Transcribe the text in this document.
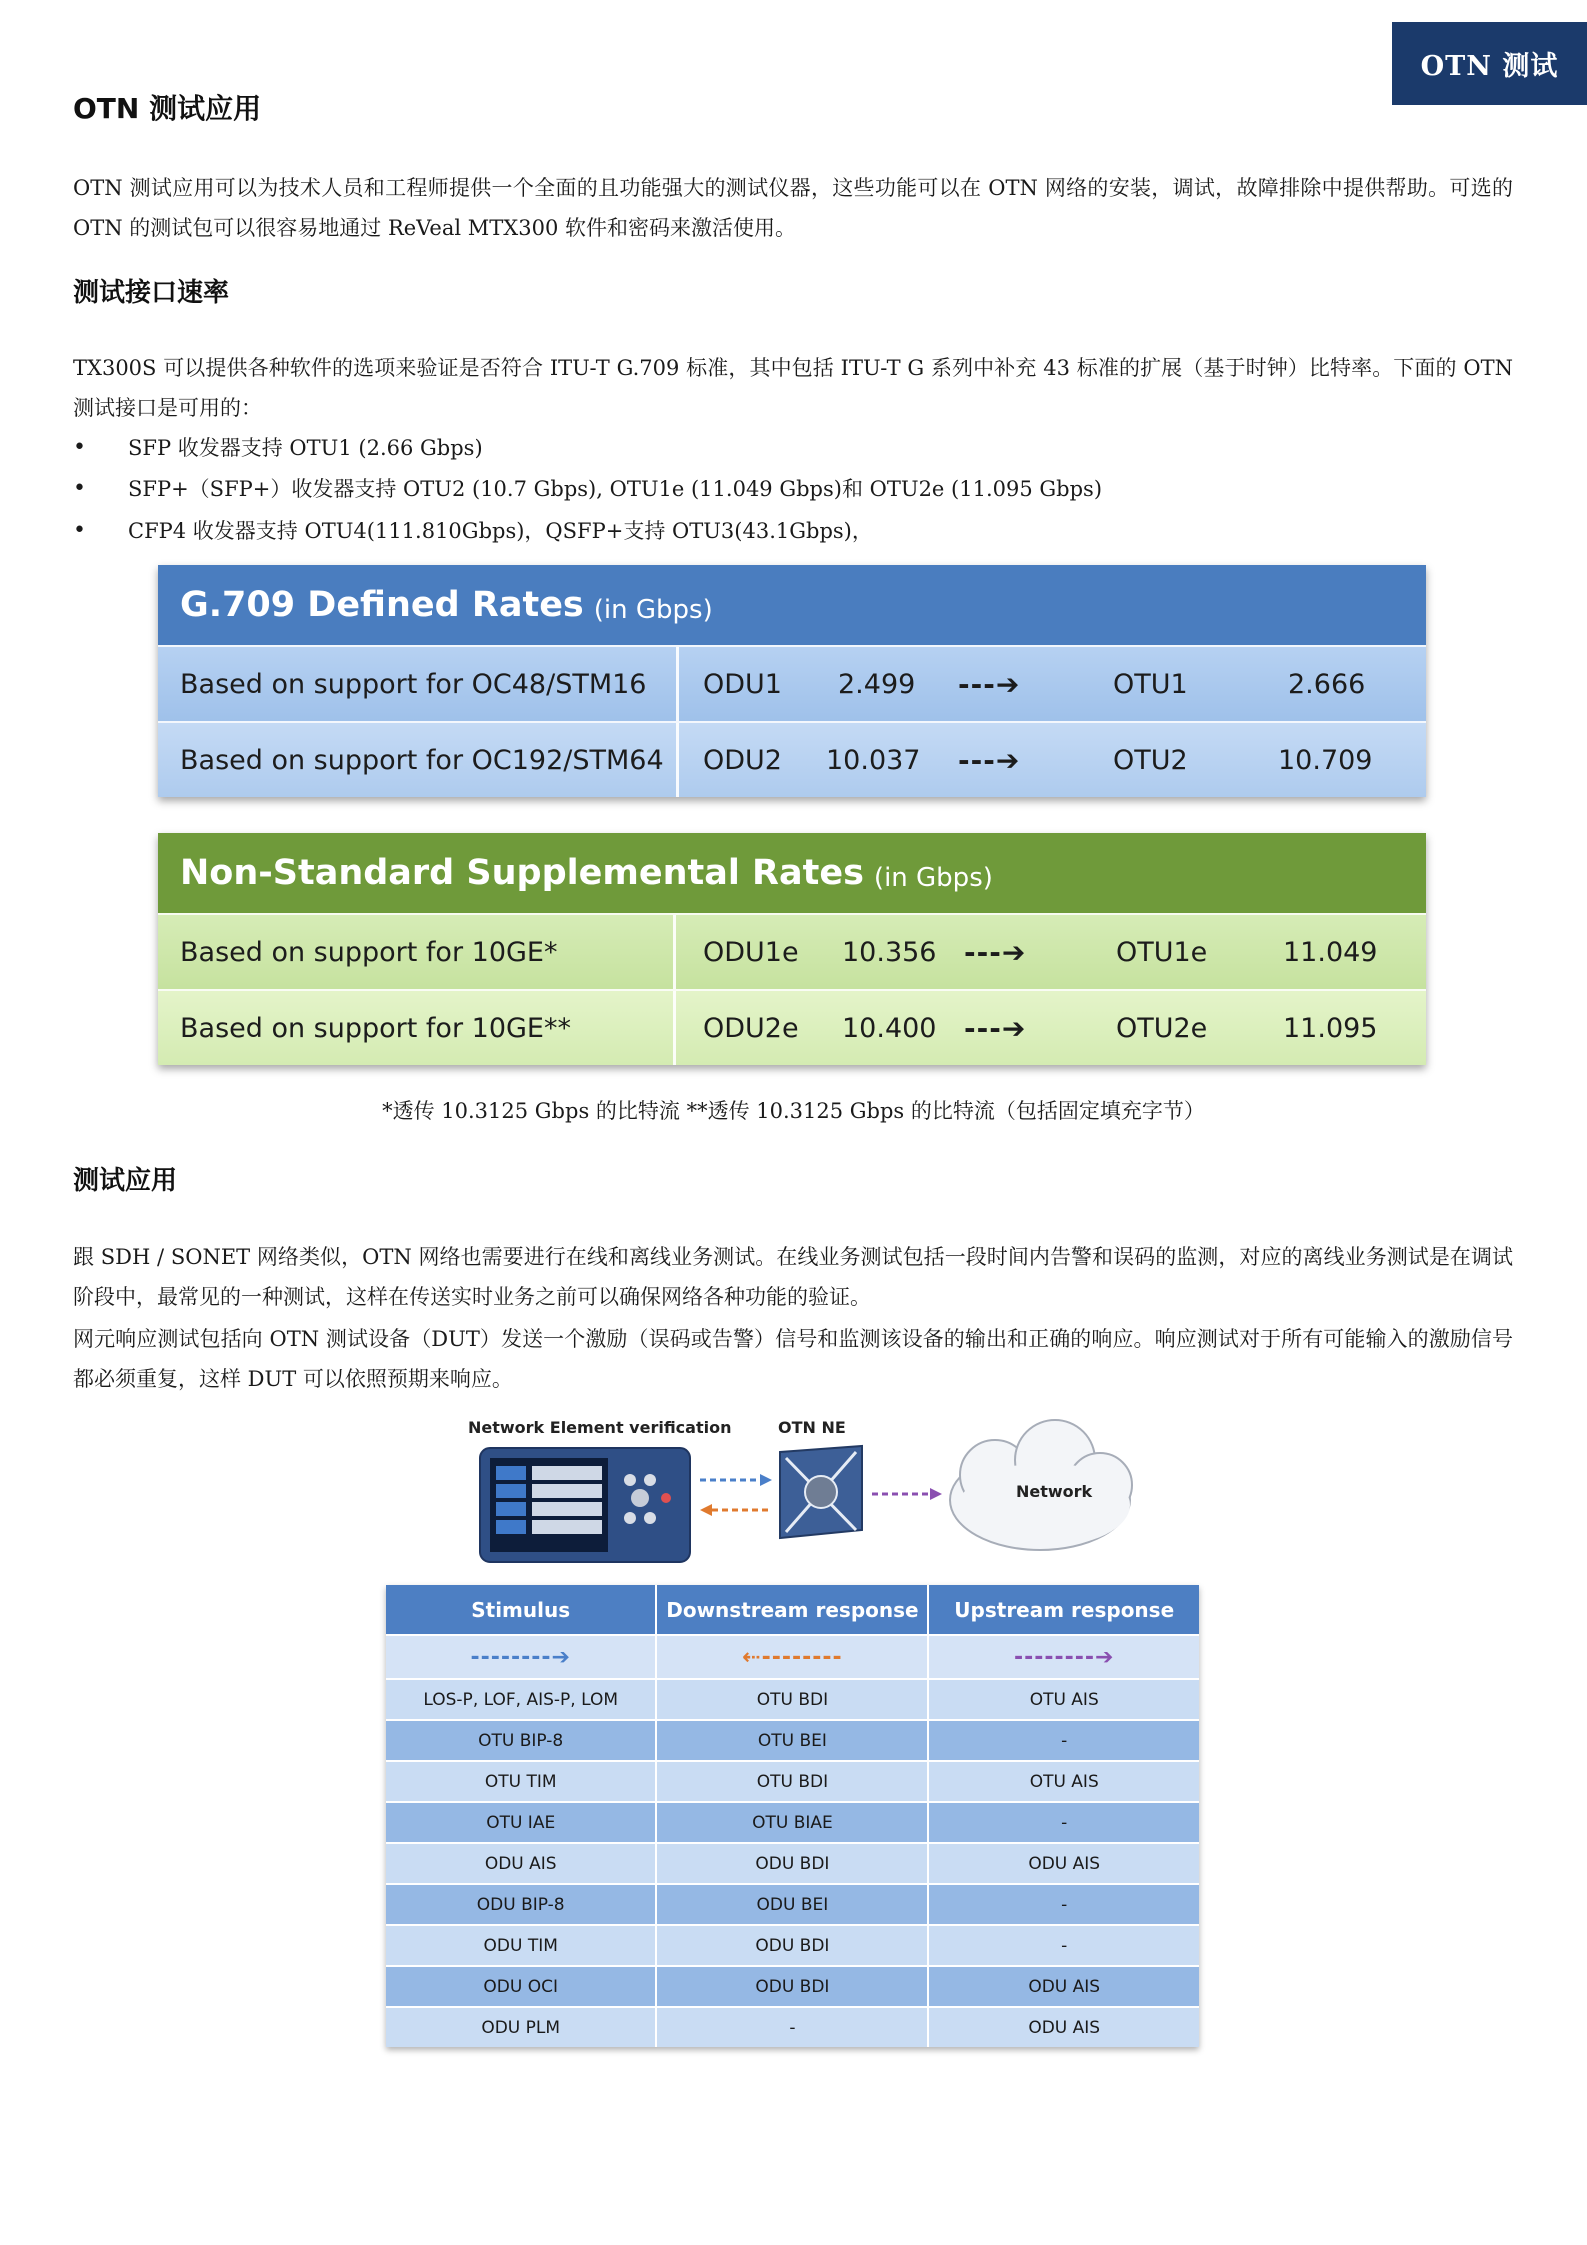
OTN 测试
OTN 测试应用
OTN 测试应用可以为技术人员和工程师提供一个全面的且功能强大的测试仪器，这些功能可以在 OTN 网络的安装，调试，故障排除中提供帮助。可选的 OTN 的测试包可以很容易地通过 ReVeal MTX300 软件和密码来激活使用。
测试接口速率
TX300S 可以提供各种软件的选项来验证是否符合 ITU-T G.709 标准，其中包括 ITU-T G 系列中补充 43 标准的扩展（基于时钟）比特率。下面的 OTN 测试接口是可用的：
•	SFP 收发器支持 OTU1 (2.66 Gbps)
•	SFP+（SFP+）收发器支持 OTU2 (10.7 Gbps), OTU1e (11.049 Gbps)和 OTU2e (11.095 Gbps)
•	CFP4 收发器支持 OTU4(111.810Gbps)，QSFP+支持 OTU3(43.1Gbps)，
G.709 Defined Rates (in Gbps)
Based on support for OC48/STM16 ODU1 2.499 ---➔	OTU1	2.666
Based on support for OC192/STM64 ODU2 10.037 ---➔	OTU2	10.709
Non-Standard Supplemental Rates (in Gbps)
Based on support for 10GE*	ODU1e 10.356 ---➔	OTU1e	11.049
Based on support for 10GE**	ODU2e 10.400 ---➔	OTU2e	11.095
*透传 10.3125 Gbps 的比特流 **透传 10.3125 Gbps 的比特流（包括固定填充字节）
测试应用
跟 SDH / SONET 网络类似，OTN 网络也需要进行在线和离线业务测试。在线业务测试包括一段时间内告警和误码的监测，对应的离线业务测试是在调试阶段中，最常见的一种测试，这样在传送实时业务之前可以确保网络各种功能的验证。
网元响应测试包括向 OTN 测试设备（DUT）发送一个激励（误码或告警）信号和监测该设备的输出和正确的响应。响应测试对于所有可能输入的激励信号都必须重复，这样 DUT 可以依照预期来响应。
Network Element verification	OTN NE
Network
Stimulus	Downstream response	Upstream response
--------➔	⇠--------	--------➔
LOS-P, LOF, AIS-P, LOM	OTU BDI	OTU AIS
OTU BIP-8	OTU BEI	-
OTU TIM	OTU BDI	OTU AIS
OTU IAE	OTU BIAE	-
ODU AIS	ODU BDI	ODU AIS
ODU BIP-8	ODU BEI	-
ODU TIM	ODU BDI	-
ODU OCI	ODU BDI	ODU AIS
ODU PLM	-	ODU AIS
